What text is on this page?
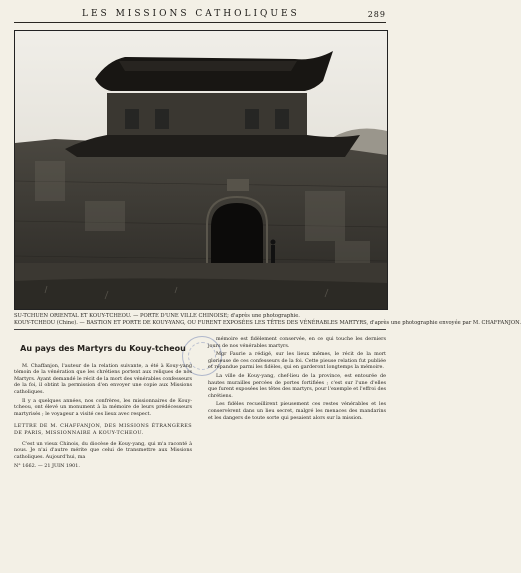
LES MISSIONS CATHOLIQUES	289
SU-TCHUEN ORIENTAL ET KOUY-TCHEOU. — PORTE D'UNE VILLE CHINOISE; d'après une photographie.
KOUY-TCHEOU (Chine). — BASTION ET PORTE DE KOUY-YANG, OU FURENT EXPOSÉES LES TÊTES DES VÉNÉRABLES MARTYRS, d'après une photographie envoyée par M. CHAFFANJON.
Au pays des Martyrs du Kouy-tcheou

M. Chaffanjon, l'auteur de la relation suivante, a été à Kouy-yang témoin de la vénération que les chrétiens portent aux reliques de nos Martyrs. Ayant demandé le récit de la mort des vénérables confesseurs de la foi, il obtint la permission d'en envoyer une copie aux Missions catholiques.

Il y a quelques années, nos confrères, les missionnaires de Kouy-tcheou, ont élevé un monument à la mémoire de leurs prédécesseurs martyrisés ; le voyageur a visité ces lieux avec respect.

LETTRE DE M. CHAFFANJON, DES MISSIONS ÉTRANGÈRES DE PARIS, MISSIONNAIRE A KOUY-TCHEOU.

C'est un vieux Chinois, du diocèse de Kouy-yang, qui m'a raconté à nous. Je n'ai d'autre mérite que celui de transmettre aux Missions catholiques. Aujourd'hui, ma

N° 1662. — 21 JUIN 1901.

mémoire est fidèlement conservée, en ce qui touche les derniers jours de nos vénérables martyrs.

Mgr Faurie a rédigé, sur les lieux mêmes, le récit de la mort glorieuse de ces confesseurs de la foi. Cette pieuse relation fut publiée et répandue parmi les fidèles, qui en garderont longtemps la mémoire.

La ville de Kouy-yang, chef-lieu de la province, est entourée de hautes murailles percées de portes fortifiées ; c'est sur l'une d'elles que furent exposées les têtes des martyrs, pour l'exemple et l'effroi des chrétiens.

Les fidèles recueillirent pieusement ces restes vénérables et les conservèrent dans un lieu secret, malgré les menaces des mandarins et les dangers de toute sorte qui pesaient alors sur la mission.
